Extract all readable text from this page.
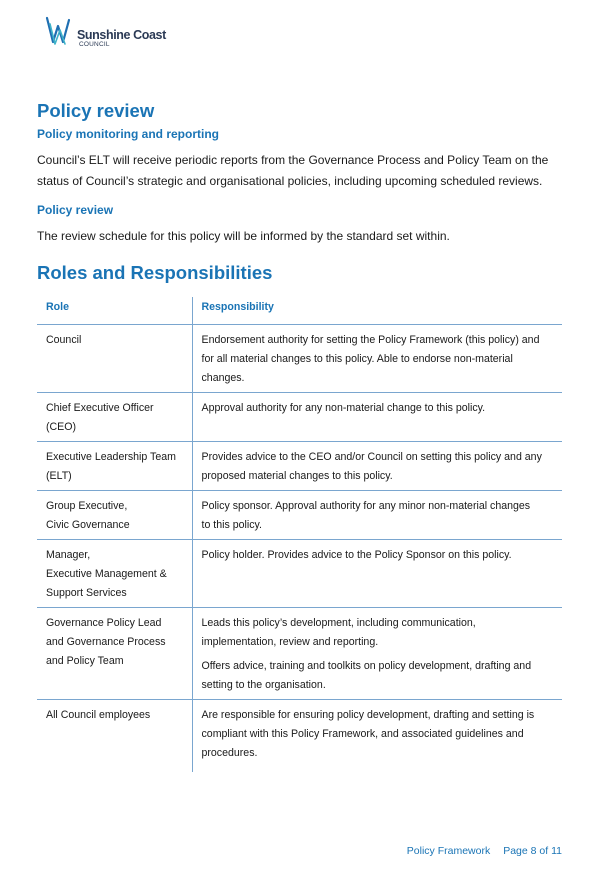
Sunshine Coast
COUNCIL
Policy review
Policy monitoring and reporting

Council’s ELT will receive periodic reports from the Governance Process and Policy Team on the
status of Council’s strategic and organisational policies, including upcoming scheduled reviews.

Policy review

The review schedule for this policy will be informed by the standard set within.

Roles and Responsibilities
Role	Responsibility

Council	Endorsement authority for setting the Policy Framework (this policy) and
for all material changes to this policy. Able to endorse non-material
changes.

Chief Executive Officer
(CEO)	Approval authority for any non-material change to this policy.

Executive Leadership Team
(ELT)	Provides advice to the CEO and/or Council on setting this policy and any
proposed material changes to this policy.

Group Executive,
Civic Governance	Policy sponsor. Approval authority for any minor non-material changes
to this policy.

Manager,
Executive Management &
Support Services	Policy holder. Provides advice to the Policy Sponsor on this policy.

Governance Policy Lead
and Governance Process
and Policy Team	Leads this policy’s development, including communication,
implementation, review and reporting.
Offers advice, training and toolkits on policy development, drafting and
setting to the organisation.

All Council employees	Are responsible for ensuring policy development, drafting and setting is
compliant with this Policy Framework, and associated guidelines and
procedures.
Policy Framework Page 8 of 11
